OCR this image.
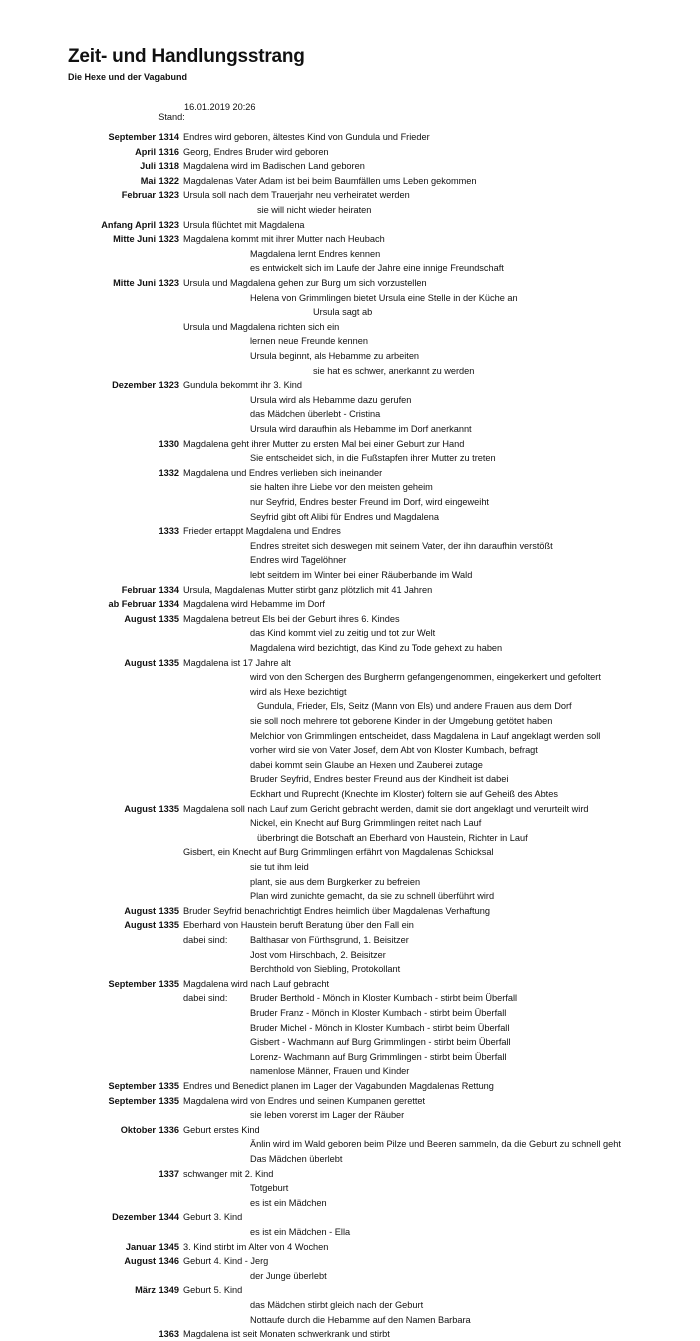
Zeit- und Handlungsstrang
Die Hexe und der Vagabund

Stand:

16.01.2019 20:26

September 1314 Endres wird geboren, ältestes Kind von Gundula und Frieder
April 1316 Georg, Endres Bruder wird geboren
Juli 1318 Magdalena wird im Badischen Land geboren
Mai 1322 Magdalenas Vater Adam ist bei beim Baumfällen ums Leben gekommen
Februar 1323 Ursula soll nach dem Trauerjahr neu verheiratet werden
sie will nicht wieder heiraten
Anfang April 1323 Ursula flüchtet mit Magdalena
Mitte Juni 1323 Magdalena kommt mit ihrer Mutter nach Heubach
Magdalena lernt Endres kennen
es entwickelt sich im Laufe der Jahre eine innige Freundschaft
Mitte Juni 1323 Ursula und Magdalena gehen zur Burg um sich vorzustellen
Helena von Grimmlingen bietet Ursula eine Stelle in der Küche an
Ursula sagt ab
Ursula und Magdalena richten sich ein
lernen neue Freunde kennen
Ursula beginnt, als Hebamme zu arbeiten
sie hat es schwer, anerkannt zu werden
Dezember 1323 Gundula bekommt ihr 3. Kind
Ursula wird als Hebamme dazu gerufen
das Mädchen überlebt - Cristina
Ursula wird daraufhin als Hebamme im Dorf anerkannt
1330 Magdalena geht ihrer Mutter zu ersten Mal bei einer Geburt zur Hand
Sie entscheidet sich, in die Fußstapfen ihrer Mutter zu treten
1332 Magdalena und Endres verlieben sich ineinander
sie halten ihre Liebe vor den meisten geheim
nur Seyfrid, Endres bester Freund im Dorf, wird eingeweiht
Seyfrid gibt oft Alibi für Endres und Magdalena
1333 Frieder ertappt Magdalena und Endres
Endres streitet sich deswegen mit seinem Vater, der ihn daraufhin verstößt
Endres wird Tagelöhner
lebt seitdem im Winter bei einer Räuberbande im Wald
Februar 1334 Ursula, Magdalenas Mutter stirbt ganz plötzlich mit 41 Jahren
ab Februar 1334 Magdalena wird Hebamme im Dorf
August 1335 Magdalena betreut Els bei der Geburt ihres 6. Kindes
das Kind kommt viel zu zeitig und tot zur Welt
Magdalena wird bezichtigt, das Kind zu Tode gehext zu haben
August 1335 Magdalena ist 17 Jahre alt
wird von den Schergen des Burgherrn gefangengenommen, eingekerkert und gefoltert
wird als Hexe bezichtigt
Gundula, Frieder, Els, Seitz (Mann von Els) und andere Frauen aus dem Dorf
sie soll noch mehrere tot geborene Kinder in der Umgebung getötet haben
Melchior von Grimmlingen entscheidet, dass Magdalena in Lauf angeklagt werden soll
vorher wird sie von Vater Josef, dem Abt von Kloster Kumbach, befragt
dabei kommt sein Glaube an Hexen und Zauberei zutage
Bruder Seyfrid, Endres bester Freund aus der Kindheit ist dabei
Eckhart und Ruprecht (Knechte im Kloster) foltern sie auf Geheiß des Abtes
August 1335 Magdalena soll nach Lauf zum Gericht gebracht werden, damit sie dort angeklagt und verurteilt wird
Nickel, ein Knecht auf Burg Grimmlingen reitet nach Lauf
überbringt die Botschaft an Eberhard von Haustein, Richter in Lauf
Gisbert, ein Knecht auf Burg Grimmlingen erfährt von Magdalenas Schicksal
sie tut ihm leid
plant, sie aus dem Burgkerker zu befreien
Plan wird zunichte gemacht, da sie zu schnell überführt wird
August 1335 Bruder Seyfrid benachrichtigt Endres heimlich über Magdalenas Verhaftung
August 1335 Eberhard von Haustein beruft Beratung über den Fall ein
dabei sind: Balthasar von Fürthsgrund, 1. Beisitzer
Jost vom Hirschbach, 2. Beisitzer
Berchthold von Siebling, Protokollant
September 1335 Magdalena wird nach Lauf gebracht
dabei sind: Bruder Berthold - Mönch in Kloster Kumbach - stirbt beim Überfall
Bruder Franz - Mönch in Kloster Kumbach - stirbt beim Überfall
Bruder Michel - Mönch in Kloster Kumbach - stirbt beim Überfall
Gisbert - Wachmann auf Burg Grimmlingen - stirbt beim Überfall
Lorenz- Wachmann auf Burg Grimmlingen - stirbt beim Überfall
namenlose Männer, Frauen und Kinder
September 1335 Endres und Benedict planen im Lager der Vagabunden Magdalenas Rettung
September 1335 Magdalena wird von Endres und seinen Kumpanen gerettet
sie leben vorerst im Lager der Räuber
Oktober 1336 Geburt erstes Kind
Änlin wird im Wald geboren beim Pilze und Beeren sammeln, da die Geburt zu schnell geht
Das Mädchen überlebt
1337 schwanger mit 2. Kind
Totgeburt
es ist ein Mädchen
Dezember 1344 Geburt 3. Kind
es ist ein Mädchen - Ella
Januar 1345 3. Kind stirbt im Alter von 4 Wochen
August 1346 Geburt 4. Kind - Jerg
der Junge überlebt
März 1349 Geburt 5. Kind
das Mädchen stirbt gleich nach der Geburt
Nottaufe durch die Hebamme auf den Namen Barbara
1363 Magdalena ist seit Monaten schwerkrank und stirbt
